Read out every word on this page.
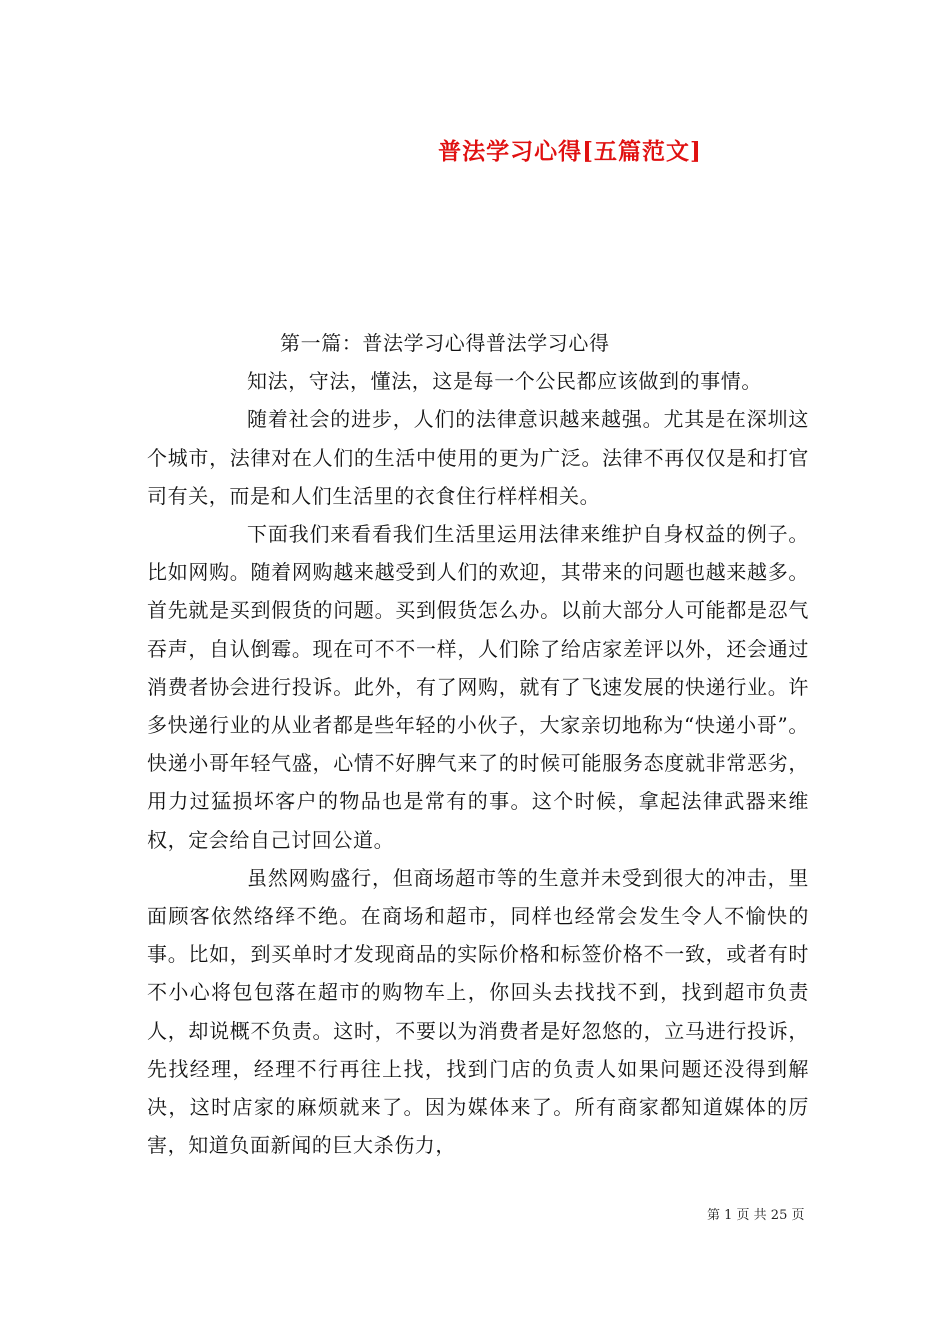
普法学习心得[五篇范文]

第一篇：普法学习心得普法学习心得

知法，守法，懂法，这是每一个公民都应该做到的事情。

随着社会的进步，人们的法律意识越来越强。尤其是在深圳这个城市，法律对在人们的生活中使用的更为广泛。法律不再仅仅是和打官司有关，而是和人们生活里的衣食住行样样相关。

下面我们来看看我们生活里运用法律来维护自身权益的例子。比如网购。随着网购越来越受到人们的欢迎，其带来的问题也越来越多。首先就是买到假货的问题。买到假货怎么办。以前大部分人可能都是忍气吞声，自认倒霉。现在可不不一样，人们除了给店家差评以外，还会通过消费者协会进行投诉。此外，有了网购，就有了飞速发展的快递行业。许多快递行业的从业者都是些年轻的小伙子，大家亲切地称为“快递小哥”。快递小哥年轻气盛，心情不好脾气来了的时候可能服务态度就非常恶劣，用力过猛损坏客户的物品也是常有的事。这个时候，拿起法律武器来维权，定会给自己讨回公道。

虽然网购盛行，但商场超市等的生意并未受到很大的冲击，里面顾客依然络绎不绝。在商场和超市，同样也经常会发生令人不愉快的事。比如，到买单时才发现商品的实际价格和标签价格不一致，或者有时不小心将包包落在超市的购物车上，你回头去找找不到，找到超市负责人，却说概不负责。这时，不要以为消费者是好忽悠的，立马进行投诉，先找经理，经理不行再往上找，找到门店的负责人如果问题还没得到解决，这时店家的麻烦就来了。因为媒体来了。所有商家都知道媒体的厉害，知道负面新闻的巨大杀伤力，

第 1 页 共 25 页
